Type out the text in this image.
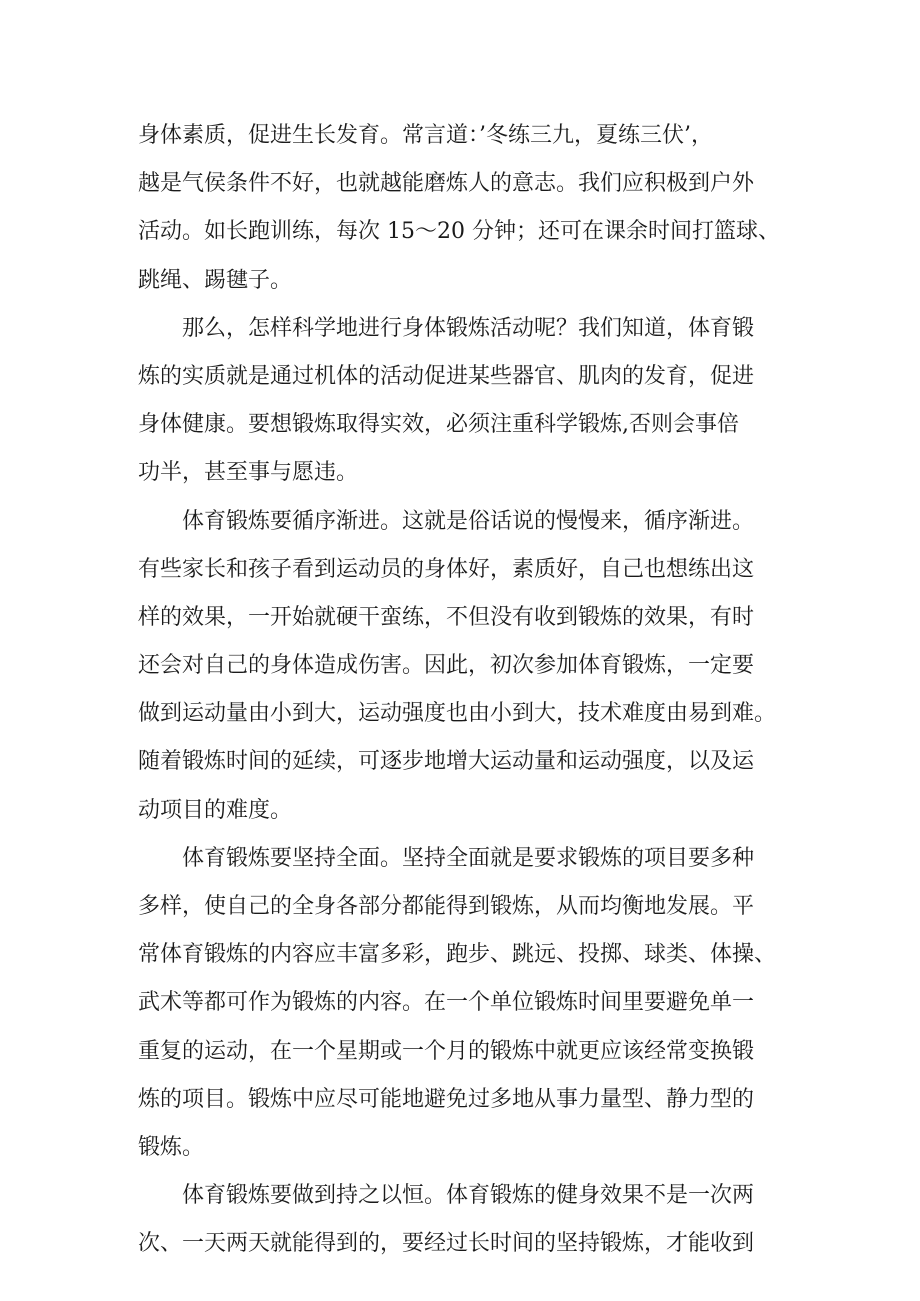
身体素质，促进生长发育。常言道：’冬练三九，夏练三伏’，
越是气侯条件不好，也就越能磨炼人的意志。我们应积极到户外
活动。如长跑训练，每次 15～20 分钟；还可在课余时间打篮球、
跳绳、踢毽子。
那么，怎样科学地进行身体锻炼活动呢？我们知道，体育锻
炼的实质就是通过机体的活动促进某些器官、肌肉的发育，促进
身体健康。要想锻炼取得实效，必须注重科学锻炼,否则会事倍
功半，甚至事与愿违。
体育锻炼要循序渐进。这就是俗话说的慢慢来，循序渐进。
有些家长和孩子看到运动员的身体好，素质好，自己也想练出这
样的效果，一开始就硬干蛮练，不但没有收到锻炼的效果，有时
还会对自己的身体造成伤害。因此，初次参加体育锻炼，一定要
做到运动量由小到大，运动强度也由小到大，技术难度由易到难。
随着锻炼时间的延续，可逐步地增大运动量和运动强度，以及运
动项目的难度。
体育锻炼要坚持全面。坚持全面就是要求锻炼的项目要多种
多样，使自己的全身各部分都能得到锻炼，从而均衡地发展。平
常体育锻炼的内容应丰富多彩，跑步、跳远、投掷、球类、体操、
武术等都可作为锻炼的内容。在一个单位锻炼时间里要避免单一
重复的运动，在一个星期或一个月的锻炼中就更应该经常变换锻
炼的项目。锻炼中应尽可能地避免过多地从事力量型、静力型的
锻炼。
体育锻炼要做到持之以恒。体育锻炼的健身效果不是一次两
次、一天两天就能得到的，要经过长时间的坚持锻炼，才能收到
